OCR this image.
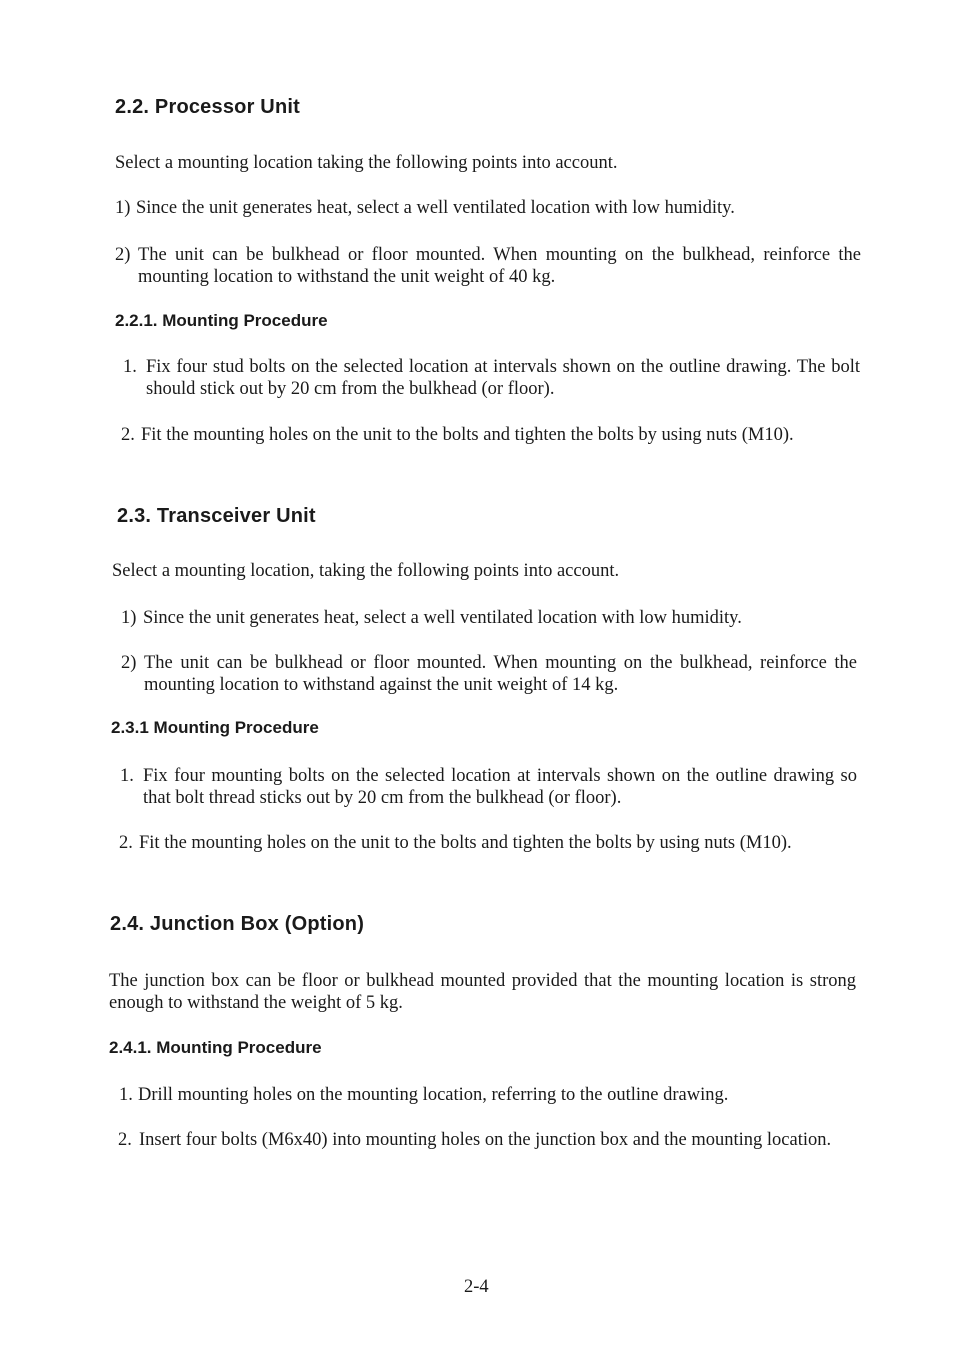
2.2. Processor Unit

Select a mounting location taking the following points into account.

1) Since the unit generates heat, select a well ventilated location with low humidity.
2) The unit can be bulkhead or floor mounted. When mounting on the bulkhead, reinforce the mounting location to withstand the unit weight of 40 kg.
2.2.1. Mounting Procedure
1. Fix four stud bolts on the selected location at intervals shown on the outline drawing. The bolt should stick out by 20 cm from the bulkhead (or floor).
2. Fit the mounting holes on the unit to the bolts and tighten the bolts by using nuts (M10).
2.3. Transceiver Unit

Select a mounting location, taking the following points into account.

1) Since the unit generates heat, select a well ventilated location with low humidity.
2) The unit can be bulkhead or floor mounted. When mounting on the bulkhead, reinforce the mounting location to withstand against the unit weight of 14 kg.
2.3.1 Mounting Procedure
1. Fix four mounting bolts on the selected location at intervals shown on the outline drawing so that bolt thread sticks out by 20 cm from the bulkhead (or floor).
2. Fit the mounting holes on the unit to the bolts and tighten the bolts by using nuts (M10).
2.4. Junction Box (Option)

The junction box can be floor or bulkhead mounted provided that the mounting location is strong enough to withstand the weight of 5 kg.

2.4.1. Mounting Procedure
1. Drill mounting holes on the mounting location, referring to the outline drawing.
2. Insert four bolts (M6x40) into mounting holes on the junction box and the mounting location.
2-4
